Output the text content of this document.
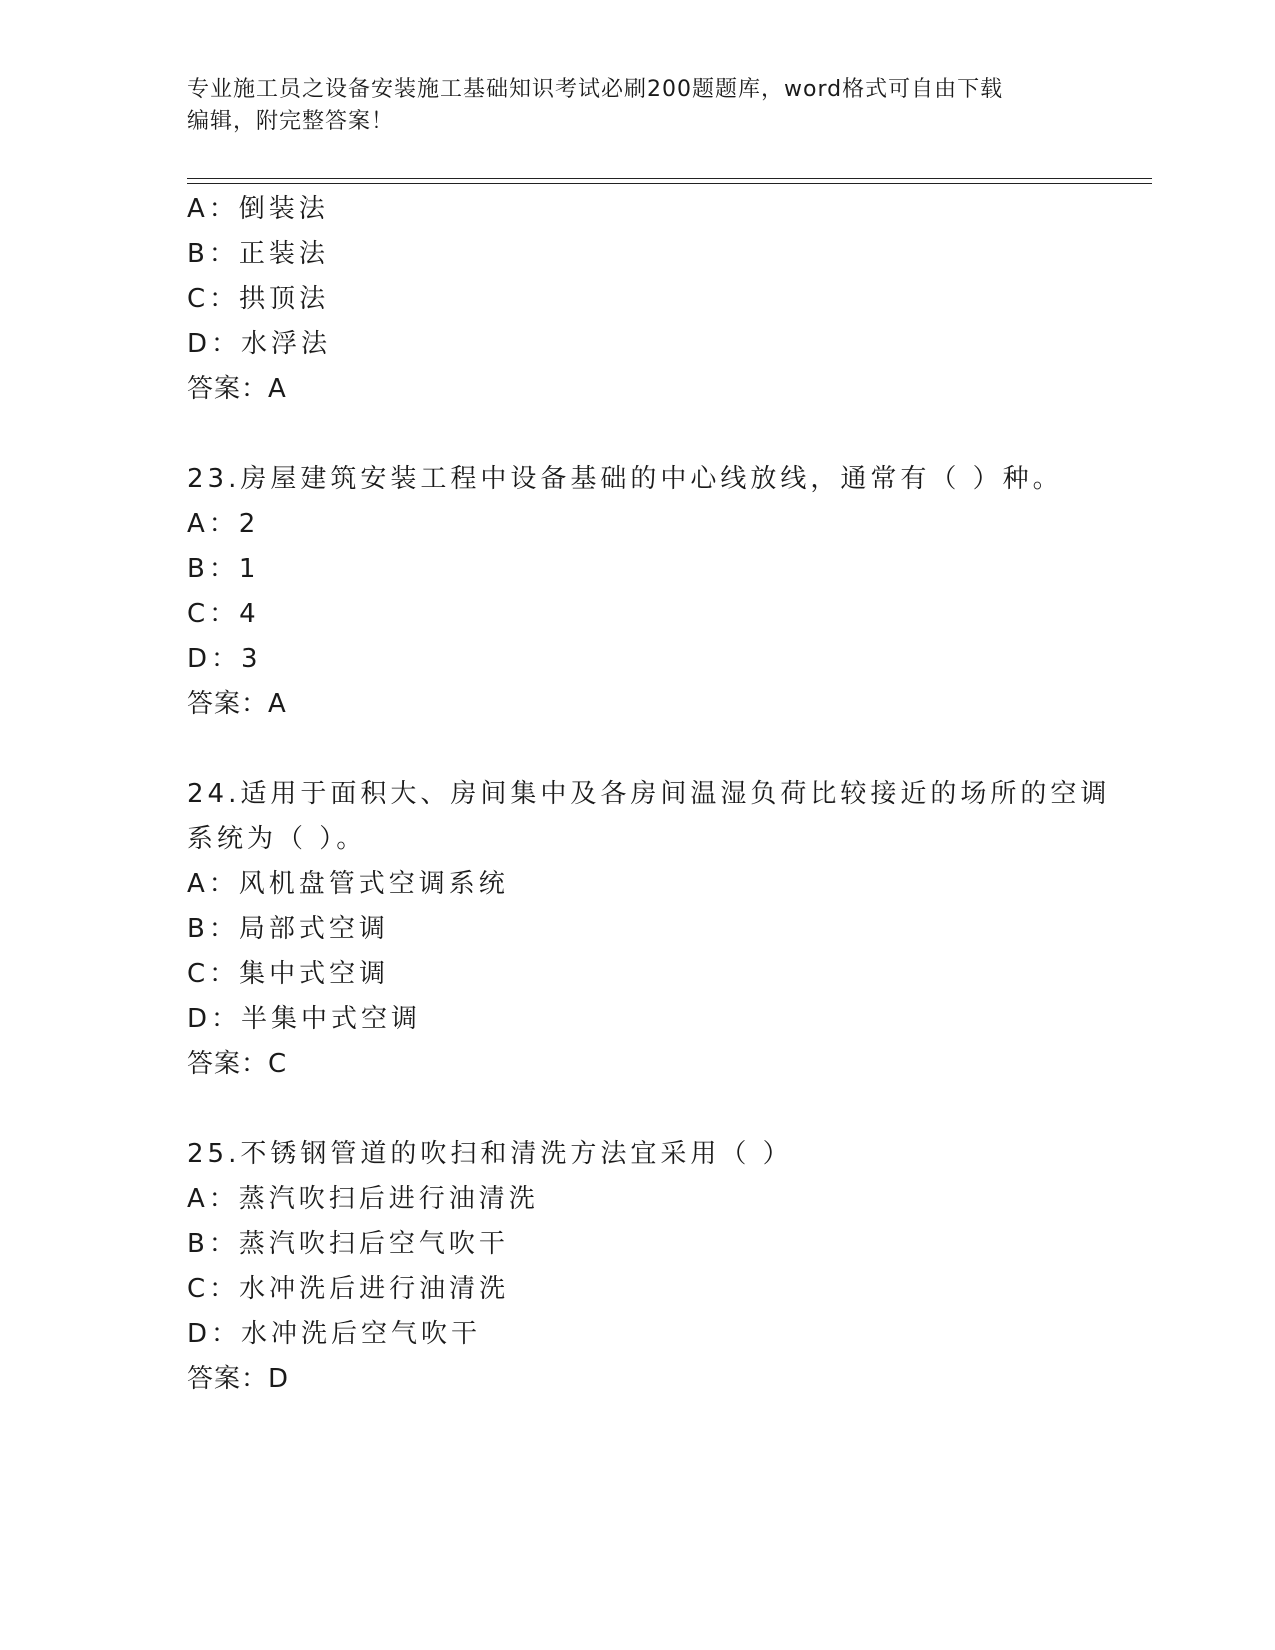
专业施工员之设备安装施工基础知识考试必刷200题题库，word格式可自由下载
编辑，附完整答案！
A：倒装法
B：正装法
C：拱顶法
D：水浮法
答案：A
23.房屋建筑安装工程中设备基础的中心线放线，通常有（ ）种。
A：2
B：1
C：4
D：3
答案：A
24.适用于面积大、房间集中及各房间温湿负荷比较接近的场所的空调
系统为（ ）。
A：风机盘管式空调系统
B：局部式空调
C：集中式空调
D：半集中式空调
答案：C
25.不锈钢管道的吹扫和清洗方法宜采用（ ）
A：蒸汽吹扫后进行油清洗
B：蒸汽吹扫后空气吹干
C：水冲洗后进行油清洗
D：水冲洗后空气吹干
答案：D
